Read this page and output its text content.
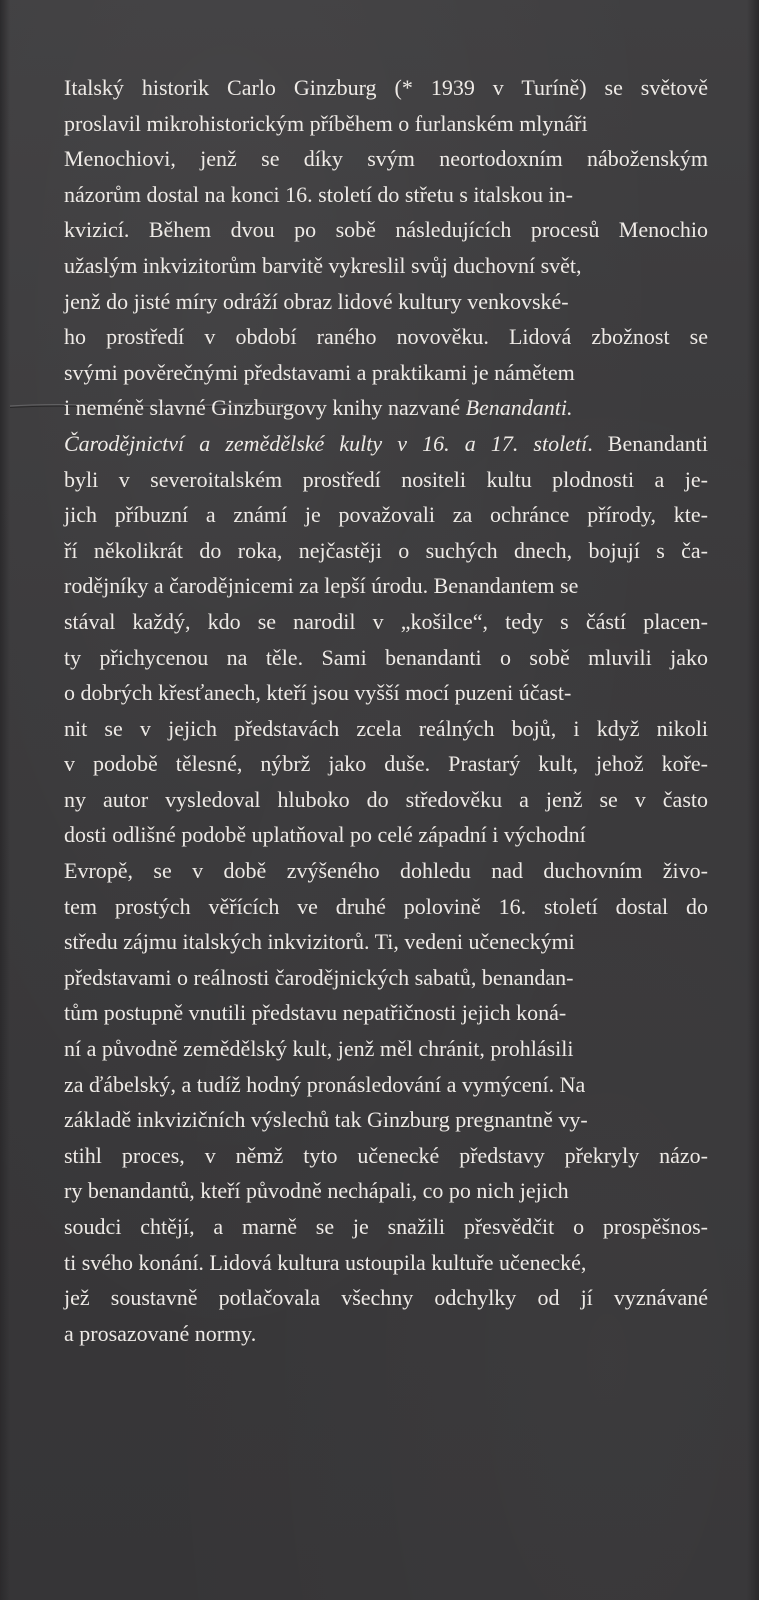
Italský historik Carlo Ginzburg (* 1939 v Turíně) se světově
proslavil mikrohistorickým příběhem o furlanském mlynáři
Menochiovi, jenž se díky svým neortodoxním náboženským
názorům dostal na konci 16. století do střetu s italskou in-
kvizicí. Během dvou po sobě následujících procesů Menochio
užaslým inkvizitorům barvitě vykreslil svůj duchovní svět,
jenž do jisté míry odráží obraz lidové kultury venkovské-
ho prostředí v období raného novověku. Lidová zbožnost se
svými pověrečnými představami a praktikami je námětem
i neméně slavné Ginzburgovy knihy nazvané Benandanti.
Čarodějnictví a zemědělské kulty v 16. a 17. století. Benandanti
byli v severoitalském prostředí nositeli kultu plodnosti a je-
jich příbuzní a známí je považovali za ochránce přírody, kte-
ří několikrát do roka, nejčastěji o suchých dnech, bojují s ča-
rodějníky a čarodějnicemi za lepší úrodu. Benandantem se
stával každý, kdo se narodil v „košilce“, tedy s částí placen-
ty přichycenou na těle. Sami benandanti o sobě mluvili jako
o dobrých křesťanech, kteří jsou vyšší mocí puzeni účast-
nit se v jejich představách zcela reálných bojů, i když nikoli
v podobě tělesné, nýbrž jako duše. Prastarý kult, jehož koře-
ny autor vysledoval hluboko do středověku a jenž se v často
dosti odlišné podobě uplatňoval po celé západní i východní
Evropě, se v době zvýšeného dohledu nad duchovním živo-
tem prostých věřících ve druhé polovině 16. století dostal do
středu zájmu italských inkvizitorů. Ti, vedeni učeneckými
představami o reálnosti čarodějnických sabatů, benandan-
tům postupně vnutili představu nepatřičnosti jejich koná-
ní a původně zemědělský kult, jenž měl chránit, prohlásili
za ďábelský, a tudíž hodný pronásledování a vymýcení. Na
základě inkvizičních výslechů tak Ginzburg pregnantně vy-
stihl proces, v němž tyto učenecké představy překryly názo-
ry benandantů, kteří původně nechápali, co po nich jejich
soudci chtějí, a marně se je snažili přesvědčit o prospěšnos-
ti svého konání. Lidová kultura ustoupila kultuře učenecké,
jež soustavně potlačovala všechny odchylky od jí vyznávané
a prosazované normy.
